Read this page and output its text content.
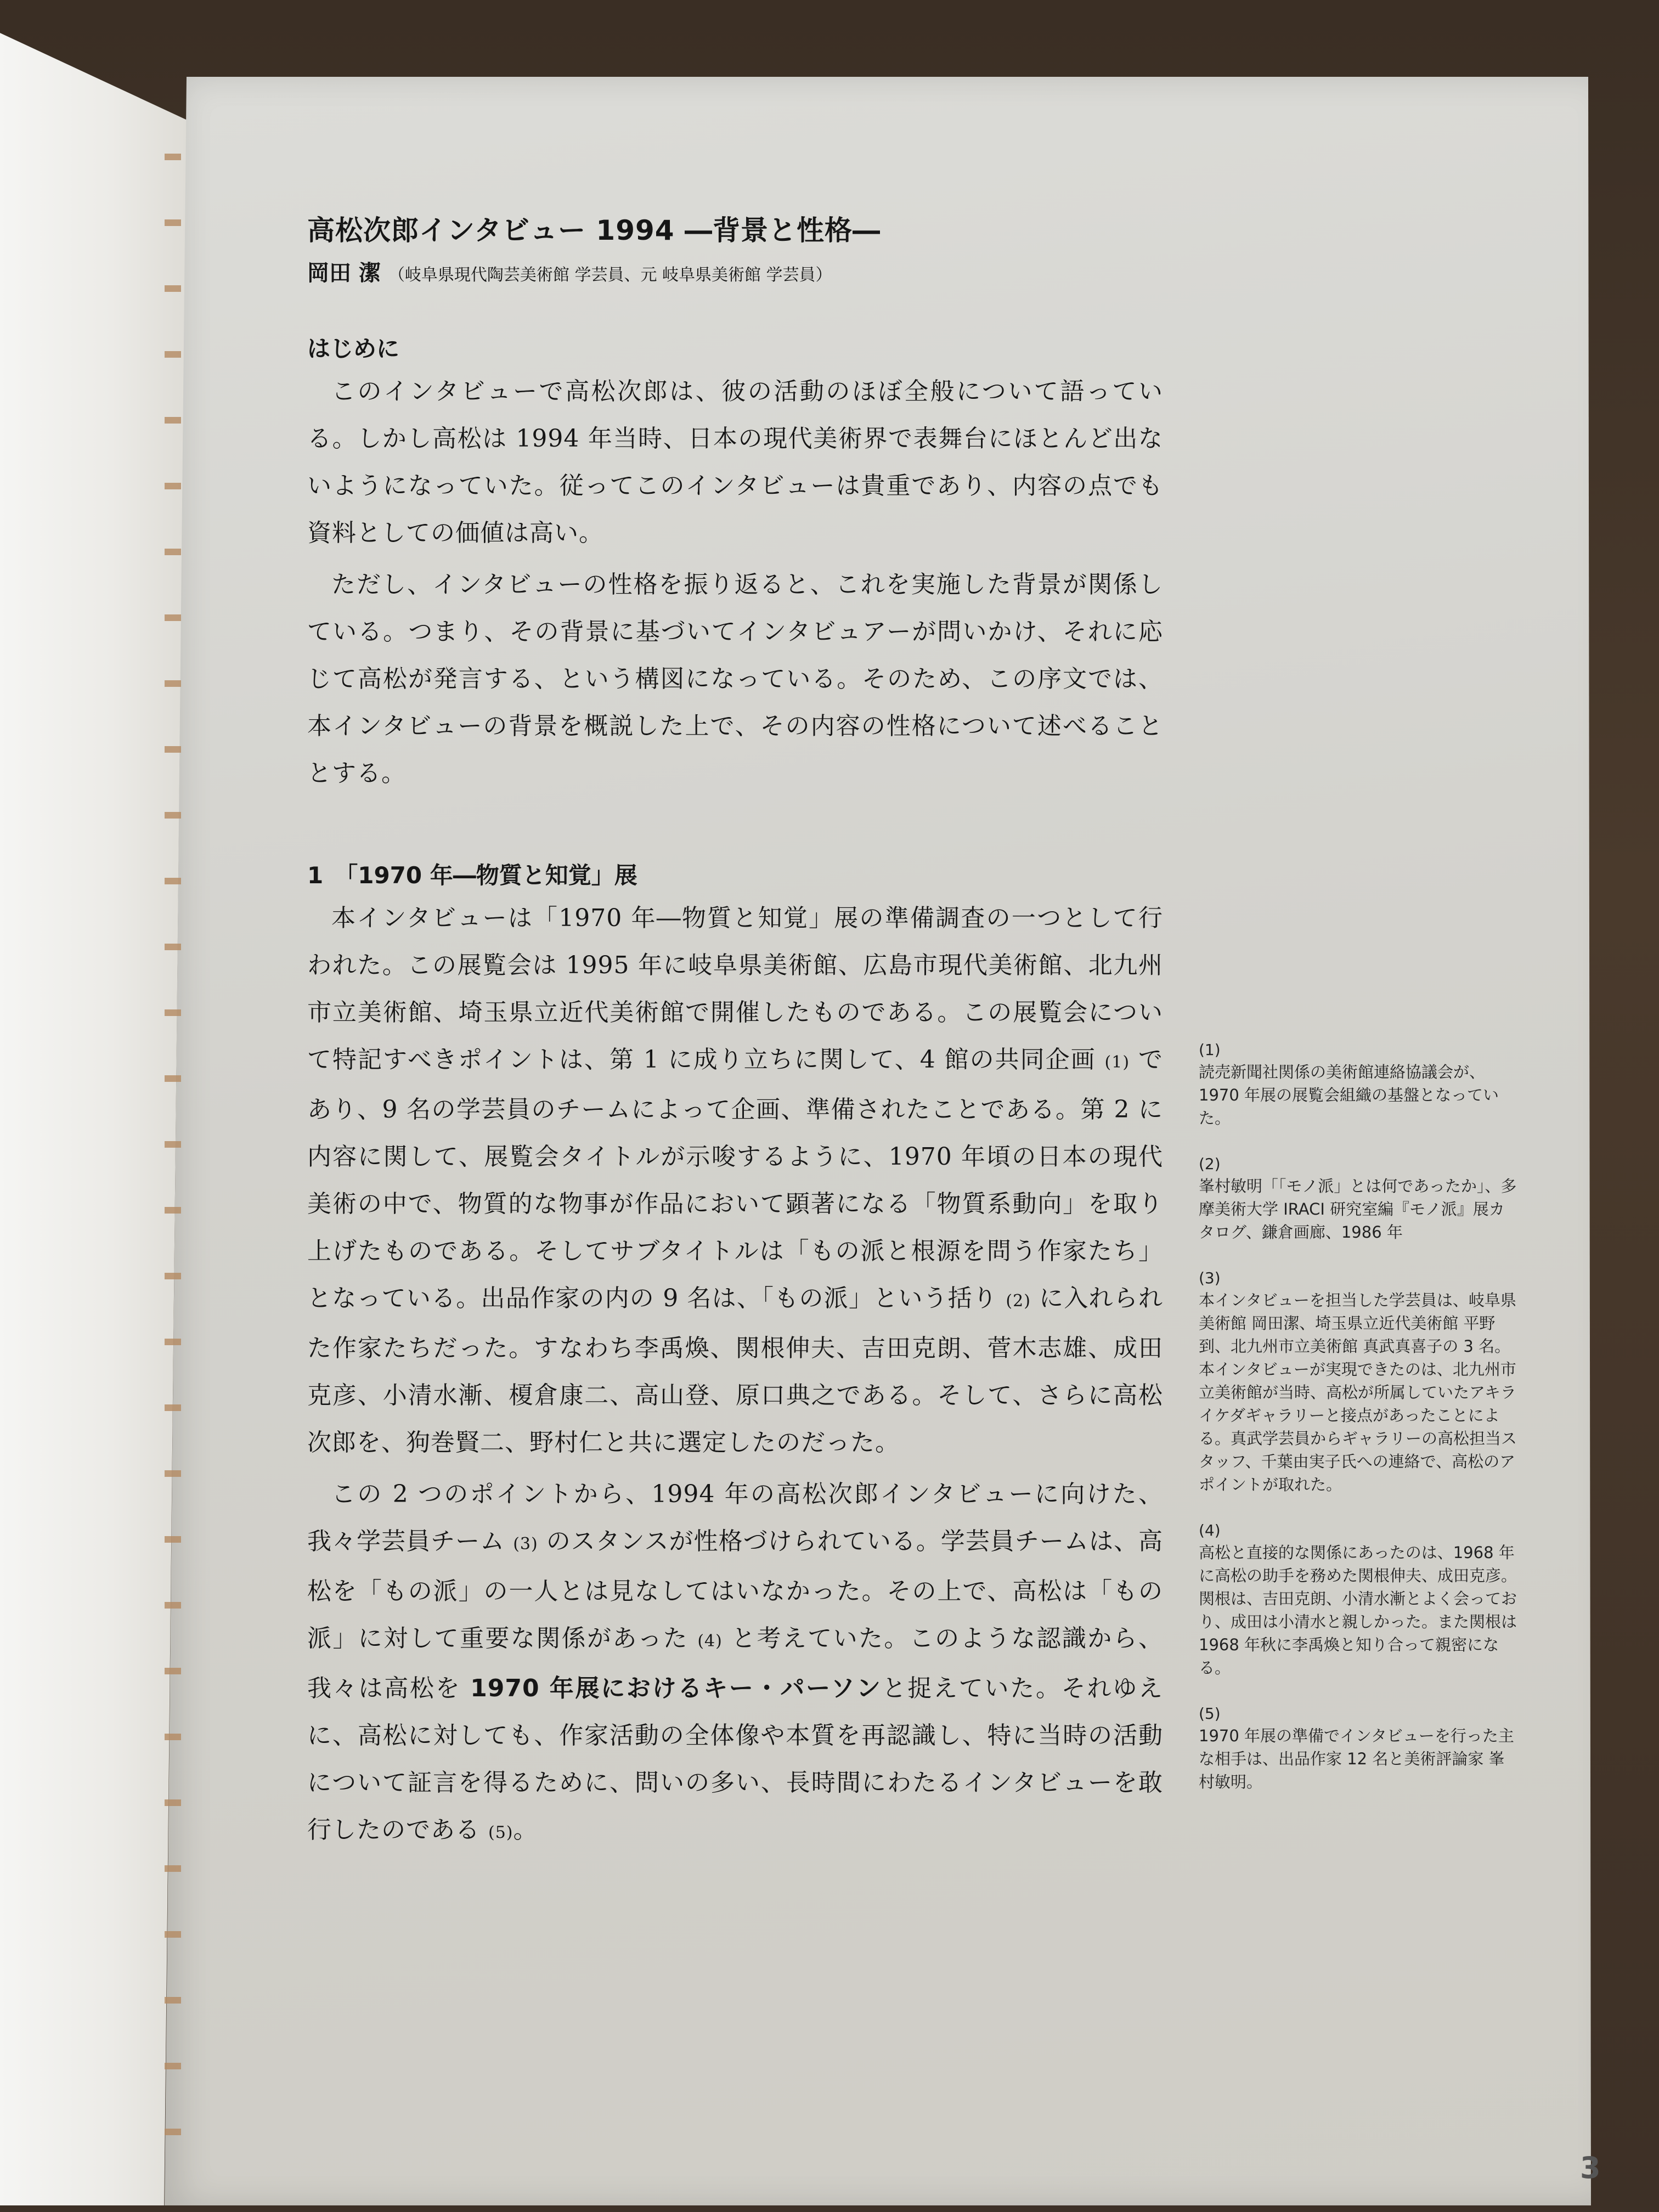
高松次郎インタビュー 1994 ―背景と性格―
岡田 潔 （岐阜県現代陶芸美術館 学芸員、元 岐阜県美術館 学芸員）
はじめに

このインタビューで高松次郎は、彼の活動のほぼ全般について語っている。しかし高松は 1994 年当時、日本の現代美術界で表舞台にほとんど出ないようになっていた。従ってこのインタビューは貴重であり、内容の点でも資料としての価値は高い。

ただし、インタビューの性格を振り返ると、これを実施した背景が関係している。つまり、その背景に基づいてインタビュアーが問いかけ、それに応じて高松が発言する、という構図になっている。そのため、この序文では、本インタビューの背景を概説した上で、その内容の性格について述べることとする。

1　「1970 年―物質と知覚」展

本インタビューは「1970 年―物質と知覚」展の準備調査の一つとして行われた。この展覧会は 1995 年に岐阜県美術館、広島市現代美術館、北九州市立美術館、埼玉県立近代美術館で開催したものである。この展覧会について特記すべきポイントは、第 1 に成り立ちに関して、4 館の共同企画 (1) であり、9 名の学芸員のチームによって企画、準備されたことである。第 2 に内容に関して、展覧会タイトルが示唆するように、1970 年頃の日本の現代美術の中で、物質的な物事が作品において顕著になる「物質系動向」を取り上げたものである。そしてサブタイトルは「もの派と根源を問う作家たち」となっている。出品作家の内の 9 名は、「もの派」という括り (2) に入れられた作家たちだった。すなわち李禹煥、関根伸夫、吉田克朗、菅木志雄、成田克彦、小清水漸、榎倉康二、高山登、原口典之である。そして、さらに高松次郎を、狗巻賢二、野村仁と共に選定したのだった。

この 2 つのポイントから、1994 年の高松次郎インタビューに向けた、我々学芸員チーム (3) のスタンスが性格づけられている。学芸員チームは、高松を「もの派」の一人とは見なしてはいなかった。その上で、高松は「もの派」に対して重要な関係があった (4) と考えていた。このような認識から、我々は高松を 1970 年展におけるキー・パーソンと捉えていた。それゆえに、高松に対しても、作家活動の全体像や本質を再認識し、特に当時の活動について証言を得るために、問いの多い、長時間にわたるインタビューを敢行したのである (5)。

(1)
読売新聞社関係の美術館連絡協議会が、1970 年展の展覧会組織の基盤となっていた。
(2)
峯村敏明「「モノ派」とは何であったか」、多摩美術大学 IRACI 研究室編『モノ派』展カタログ、鎌倉画廊、1986 年
(3)
本インタビューを担当した学芸員は、岐阜県美術館 岡田潔、埼玉県立近代美術館 平野到、北九州市立美術館 真武真喜子の 3 名。本インタビューが実現できたのは、北九州市立美術館が当時、高松が所属していたアキライケダギャラリーと接点があったことによる。真武学芸員からギャラリーの高松担当スタッフ、千葉由実子氏への連絡で、高松のアポイントが取れた。
(4)
高松と直接的な関係にあったのは、1968 年に高松の助手を務めた関根伸夫、成田克彦。関根は、吉田克朗、小清水漸とよく会っており、成田は小清水と親しかった。また関根は 1968 年秋に李禹煥と知り合って親密になる。
(5)
1970 年展の準備でインタビューを行った主な相手は、出品作家 12 名と美術評論家 峯村敏明。
3
